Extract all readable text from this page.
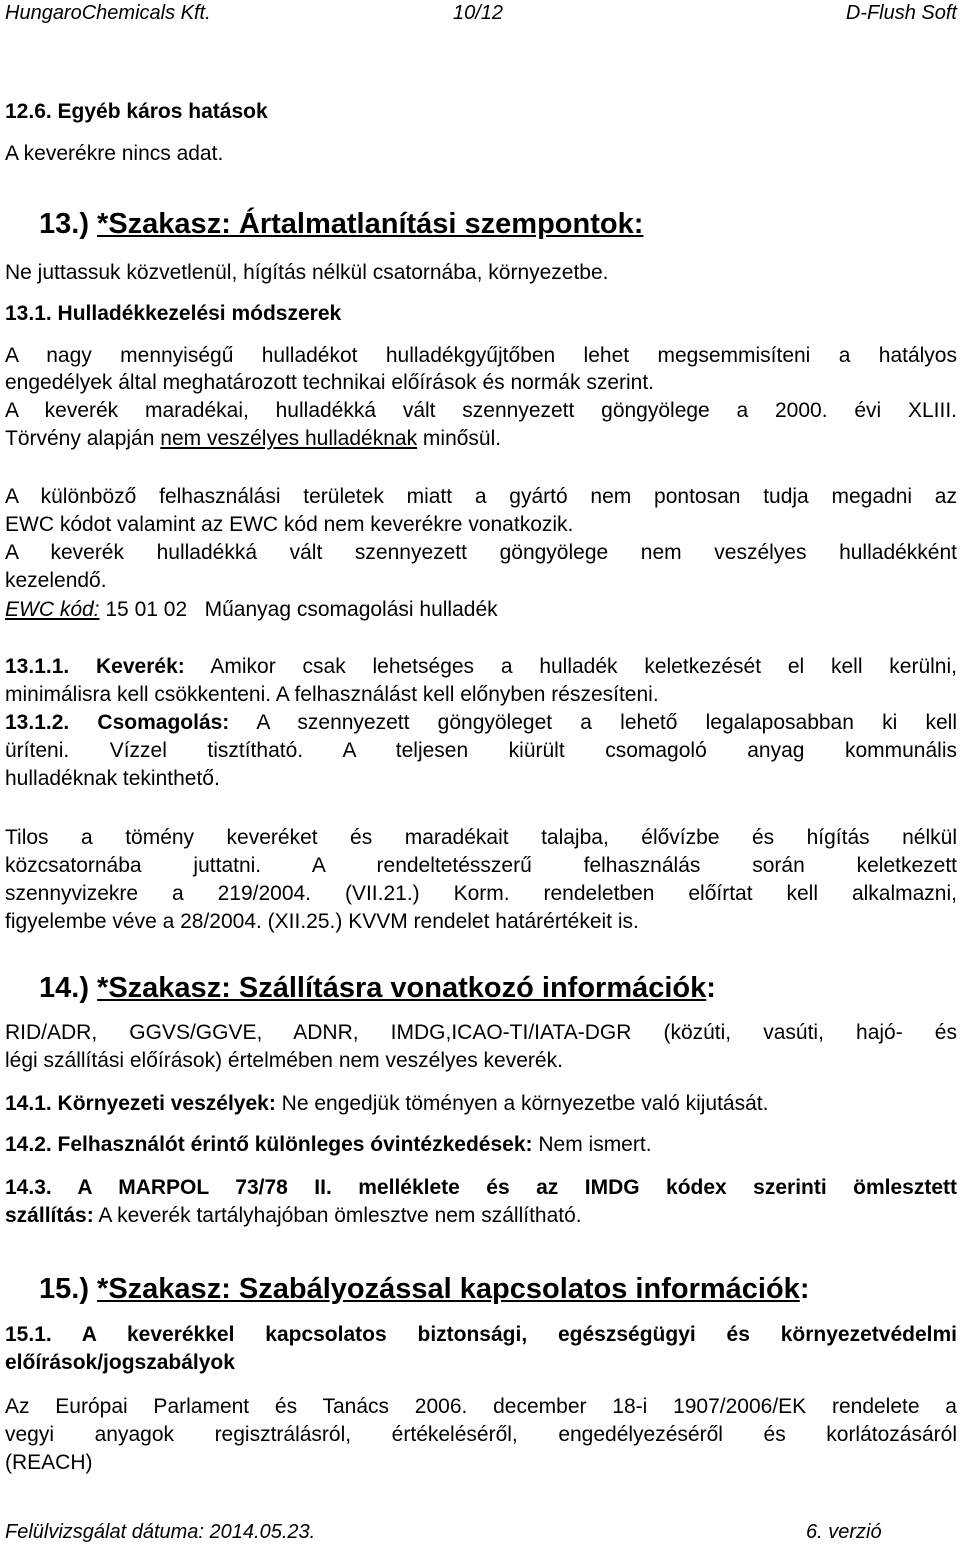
HungaroChemicals Kft.	10/12	D-Flush Soft
12.6. Egyéb káros hatások
A keverékre nincs adat.
13.) *Szakasz: Ártalmatlanítási szempontok:
Ne juttassuk közvetlenül, hígítás nélkül csatornába, környezetbe.
13.1. Hulladékkezelési módszerek
A nagy mennyiségű hulladékot hulladékgyűjtőben lehet megsemmisíteni a hatályos
engedélyek által meghatározott technikai előírások és normák szerint.
A keverék maradékai, hulladékká vált szennyezett göngyölege a 2000. évi XLIII.
Törvény alapján nem veszélyes hulladéknak minősül.
A különböző felhasználási területek miatt a gyártó nem pontosan tudja megadni az
EWC kódot valamint az EWC kód nem keverékre vonatkozik.
A keverék hulladékká vált szennyezett göngyölege nem veszélyes hulladékként
kezelendő.
EWC kód: 15 01 02   Műanyag csomagolási hulladék
13.1.1. Keverék: Amikor csak lehetséges a hulladék keletkezését el kell kerülni,
minimálisra kell csökkenteni. A felhasználást kell előnyben részesíteni.
13.1.2. Csomagolás: A szennyezett göngyöleget a lehető legalaposabban ki kell
üríteni. Vízzel tisztítható. A teljesen kiürült csomagoló anyag kommunális
hulladéknak tekinthető.
Tilos a tömény keveréket és maradékait talajba, élővízbe és hígítás nélkül
közcsatornába juttatni. A rendeltetésszerű felhasználás során keletkezett
szennyvizekre a 219/2004. (VII.21.) Korm. rendeletben előírtat kell alkalmazni,
figyelembe véve a 28/2004. (XII.25.) KVVM rendelet határértékeit is.
14.) *Szakasz: Szállításra vonatkozó információk:
RID/ADR, GGVS/GGVE, ADNR, IMDG,ICAO-TI/IATA-DGR (közúti, vasúti, hajó- és
légi szállítási előírások) értelmében nem veszélyes keverék.
14.1. Környezeti veszélyek: Ne engedjük töményen a környezetbe való kijutását.
14.2. Felhasználót érintő különleges óvintézkedések: Nem ismert.
14.3. A MARPOL 73/78 II. melléklete és az IMDG kódex szerinti ömlesztett
szállítás: A keverék tartályhajóban ömlesztve nem szállítható.
15.) *Szakasz: Szabályozással kapcsolatos információk:
15.1. A keverékkel kapcsolatos biztonsági, egészségügyi és környezetvédelmi
előírások/jogszabályok
Az Európai Parlament és Tanács 2006. december 18-i 1907/2006/EK rendelete a
vegyi anyagok regisztrálásról, értékeléséről, engedélyezéséről és korlátozásáról
(REACH)
Felülvizsgálat dátuma: 2014.05.23.	6. verzió
